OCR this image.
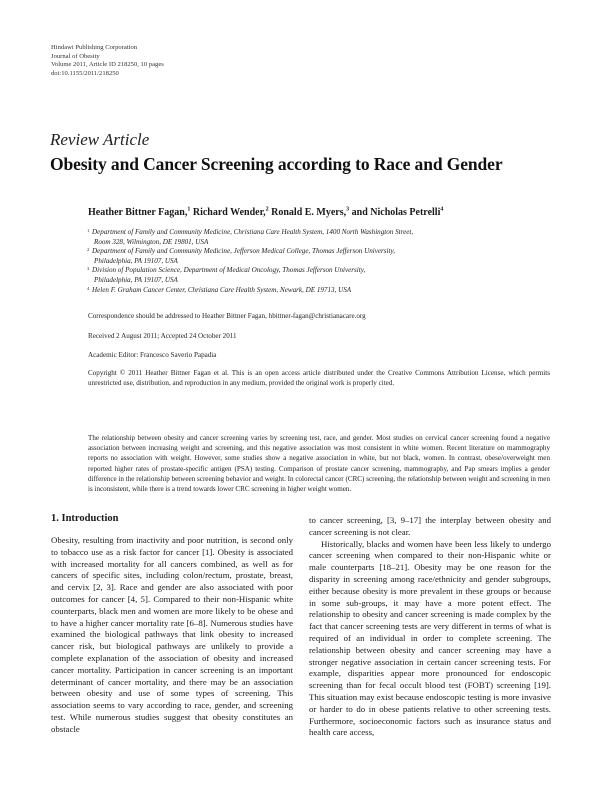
Hindawi Publishing Corporation
Journal of Obesity
Volume 2011, Article ID 218250, 10 pages
doi:10.1155/2011/218250
Review Article
Obesity and Cancer Screening according to Race and Gender
Heather Bittner Fagan,$^1$ Richard Wender,$^2$ Ronald E. Myers,$^3$ and Nicholas Petrelli$^4$
1 Department of Family and Community Medicine, Christiana Care Health System, 1400 North Washington Street,
Room 328, Wilmington, DE 19801, USA
2 Department of Family and Community Medicine, Jefferson Medical College, Thomas Jefferson University,
Philadelphia, PA 19107, USA
3 Division of Population Science, Department of Medical Oncology, Thomas Jefferson University,
Philadelphia, PA 19107, USA
4 Helen F. Graham Cancer Center, Christiana Care Health System, Newark, DE 19713, USA
Correspondence should be addressed to Heather Bittner Fagan, hbittner-fagan@christianacare.org
Received 2 August 2011; Accepted 24 October 2011
Academic Editor: Francesco Saverio Papadia
Copyright © 2011 Heather Bittner Fagan et al. This is an open access article distributed under the Creative Commons Attribution License, which permits unrestricted use, distribution, and reproduction in any medium, provided the original work is properly cited.
The relationship between obesity and cancer screening varies by screening test, race, and gender. Most studies on cervical cancer screening found a negative association between increasing weight and screening, and this negative association was most consistent in white women. Recent literature on mammography reports no association with weight. However, some studies show a negative association in white, but not black, women. In contrast, obese/overweight men reported higher rates of prostate-specific antigen (PSA) testing. Comparison of prostate cancer screening, mammography, and Pap smears implies a gender difference in the relationship between screening behavior and weight. In colorectal cancer (CRC) screening, the relationship between weight and screening in men is inconsistent, while there is a trend towards lower CRC screening in higher weight women.
1. Introduction

Obesity, resulting from inactivity and poor nutrition, is second only to tobacco use as a risk factor for cancer [1]. Obesity is associated with increased mortality for all cancers combined, as well as for cancers of specific sites, including colon/rectum, prostate, breast, and cervix [2, 3]. Race and gender are also associated with poor outcomes for cancer [4, 5]. Compared to their non-Hispanic white counterparts, black men and women are more likely to be obese and to have a higher cancer mortality rate [6–8]. Numerous studies have examined the biological pathways that link obesity to increased cancer risk, but biological pathways are unlikely to provide a complete explanation of the association of obesity and increased cancer mortality. Participation in cancer screening is an important determinant of cancer mortality, and there may be an association between obesity and use of some types of screening. This association seems to vary according to race, gender, and screening test. While numerous studies suggest that obesity constitutes an obstacle

to cancer screening, [3, 9–17] the interplay between obesity and cancer screening is not clear.

Historically, blacks and women have been less likely to undergo cancer screening when compared to their non-Hispanic white or male counterparts [18–21]. Obesity may be one reason for the disparity in screening among race/ethnicity and gender subgroups, either because obesity is more prevalent in these groups or because in some sub-groups, it may have a more potent effect. The relationship to obesity and cancer screening is made complex by the fact that cancer screening tests are very different in terms of what is required of an individual in order to complete screening. The relationship between obesity and cancer screening may have a stronger negative association in certain cancer screening tests. For example, disparities appear more pronounced for endoscopic screening than for fecal occult blood test (FOBT) screening [19]. This situation may exist because endoscopic testing is more invasive or harder to do in obese patients relative to other screening tests. Furthermore, socioeconomic factors such as insurance status and health care access,
